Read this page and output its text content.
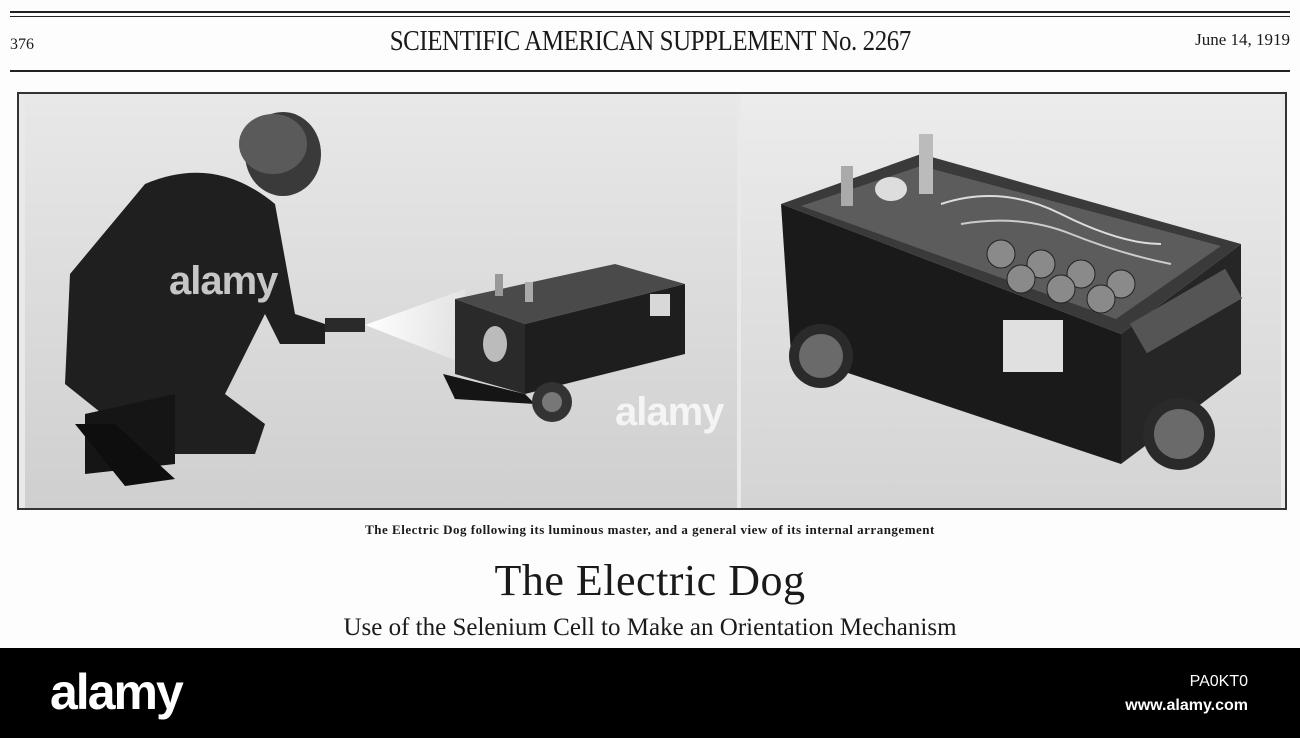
376	SCIENTIFIC AMERICAN SUPPLEMENT No. 2267	June 14, 1919
alamy
alamy
The Electric Dog following its luminous master, and a general view of its internal arrangement
The Electric Dog
Use of the Selenium Cell to Make an Orientation Mechanism
alamy	PA0KT0
www.alamy.com
